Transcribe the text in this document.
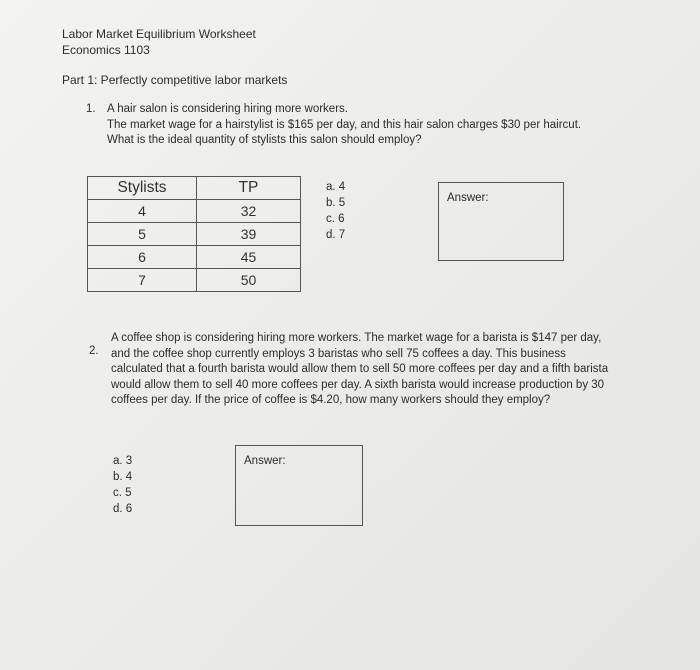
Labor Market Equilibrium Worksheet
Economics 1103
Part 1: Perfectly competitive labor markets
1. A hair salon is considering hiring more workers.
The market wage for a hairstylist is $165 per day, and this hair salon charges $30 per haircut.
What is the ideal quantity of stylists this salon should employ?
Stylists	TP
4	32
5	39
6	45
7	50
a. 4
b. 5
c. 6
d. 7
Answer:
2.
A coffee shop is considering hiring more workers. The market wage for a barista is $147 per day,
and the coffee shop currently employs 3 baristas who sell 75 coffees a day. This business
calculated that a fourth barista would allow them to sell 50 more coffees per day and a fifth barista
would allow them to sell 40 more coffees per day. A sixth barista would increase production by 30
coffees per day. If the price of coffee is $4.20, how many workers should they employ?
a. 3
b. 4
c. 5
d. 6
Answer:
